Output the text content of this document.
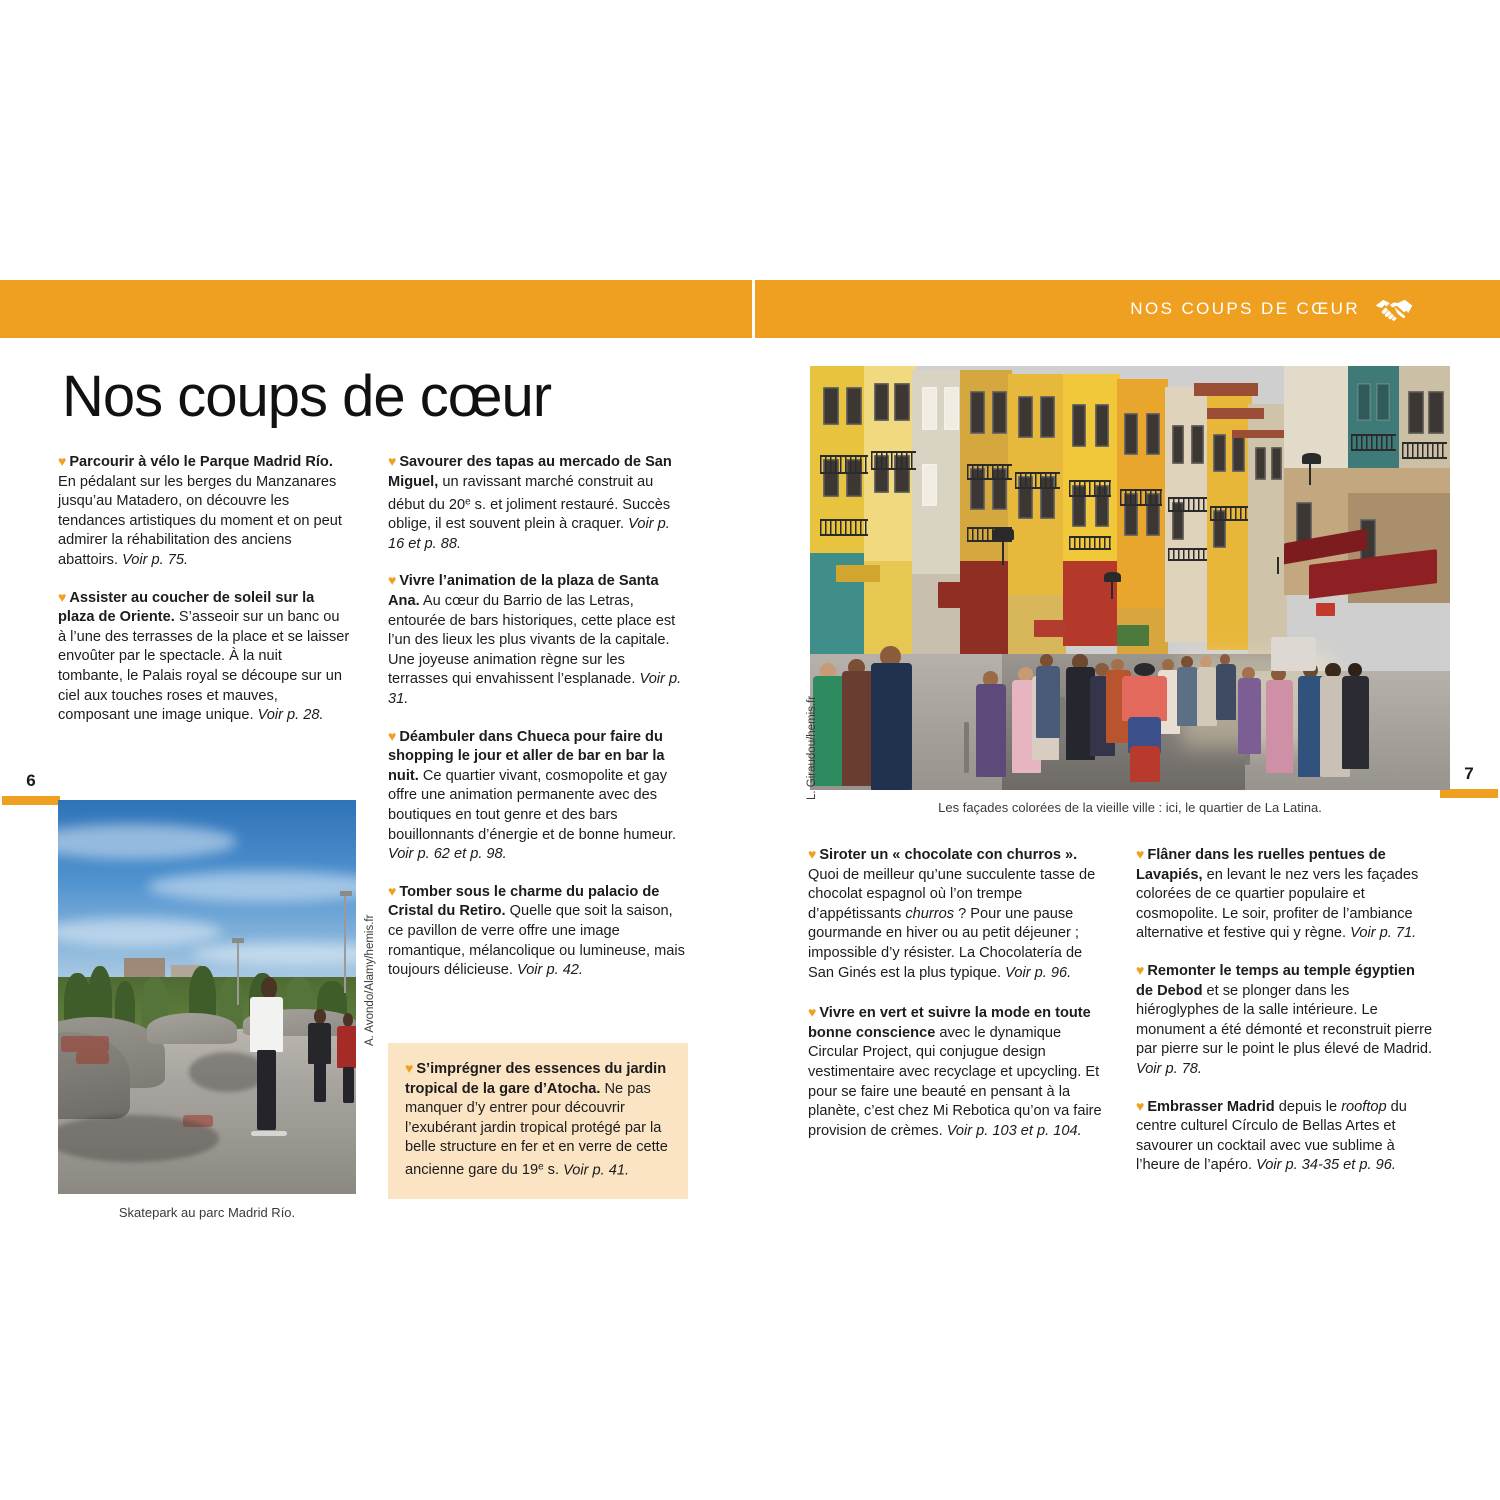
NOS COUPS DE CŒUR
6	7
Nos coups de cœur

♥ Parcourir à vélo le Parque Madrid Río. En pédalant sur les berges du Manzanares jusqu’au Matadero, on découvre les tendances artistiques du moment et on peut admirer la réhabilitation des anciens abattoirs. Voir p. 75.

♥ Assister au coucher de soleil sur la plaza de Oriente. S’asseoir sur un banc ou à l’une des terrasses de la place et se laisser envoûter par le spectacle. À la nuit tombante, le Palais royal se découpe sur un ciel aux touches roses et mauves, composant une image unique. Voir p. 28.

♥ Savourer des tapas au mercado de San Miguel, un ravissant marché construit au début du 20e s. et joliment restauré. Succès oblige, il est souvent plein à craquer. Voir p. 16 et p. 88.

♥ Vivre l’animation de la plaza de Santa Ana. Au cœur du Barrio de las Letras, entourée de bars historiques, cette place est l’un des lieux les plus vivants de la capitale. Une joyeuse animation règne sur les terrasses qui envahissent l’esplanade. Voir p. 31.

♥ Déambuler dans Chueca pour faire du shopping le jour et aller de bar en bar la nuit. Ce quartier vivant, cosmopolite et gay offre une animation permanente avec des boutiques en tout genre et des bars bouillonnants d’énergie et de bonne humeur. Voir p. 62 et p. 98.

♥ Tomber sous le charme du palacio de Cristal du Retiro. Quelle que soit la saison, ce pavillon de verre offre une image romantique, mélancolique ou lumineuse, mais toujours délicieuse. Voir p. 42.

♥ S’imprégner des essences du jardin tropical de la gare d’Atocha. Ne pas manquer d’y entrer pour découvrir l’exubérant jardin tropical protégé par la belle structure en fer et en verre de cette ancienne gare du 19e s. Voir p. 41.
Skatepark au parc Madrid Río.
A. Avondo/Alamy/hemis.fr
Les façades colorées de la vieille ville : ici, le quartier de La Latina.
L. Giraudou/hemis.fr

♥ Siroter un « chocolate con churros ». Quoi de meilleur qu’une succulente tasse de chocolat espagnol où l’on trempe d’appétissants churros ? Pour une pause gourmande en hiver ou au petit déjeuner ; impossible d’y résister. La Chocolatería de San Ginés est la plus typique. Voir p. 96.

♥ Vivre en vert et suivre la mode en toute bonne conscience avec le dynamique Circular Project, qui conjugue design vestimentaire avec recyclage et upcycling. Et pour se faire une beauté en pensant à la planète, c’est chez Mi Rebotica qu’on va faire provision de crèmes. Voir p. 103 et p. 104.

♥ Flâner dans les ruelles pentues de Lavapiés, en levant le nez vers les façades colorées de ce quartier populaire et cosmopolite. Le soir, profiter de l’ambiance alternative et festive qui y règne. Voir p. 71.

♥ Remonter le temps au temple égyptien de Debod et se plonger dans les hiéroglyphes de la salle intérieure. Le monument a été démonté et reconstruit pierre par pierre sur le point le plus élevé de Madrid. Voir p. 78.

♥ Embrasser Madrid depuis le rooftop du centre culturel Círculo de Bellas Artes et savourer un cocktail avec vue sublime à l’heure de l’apéro. Voir p. 34-35 et p. 96.
